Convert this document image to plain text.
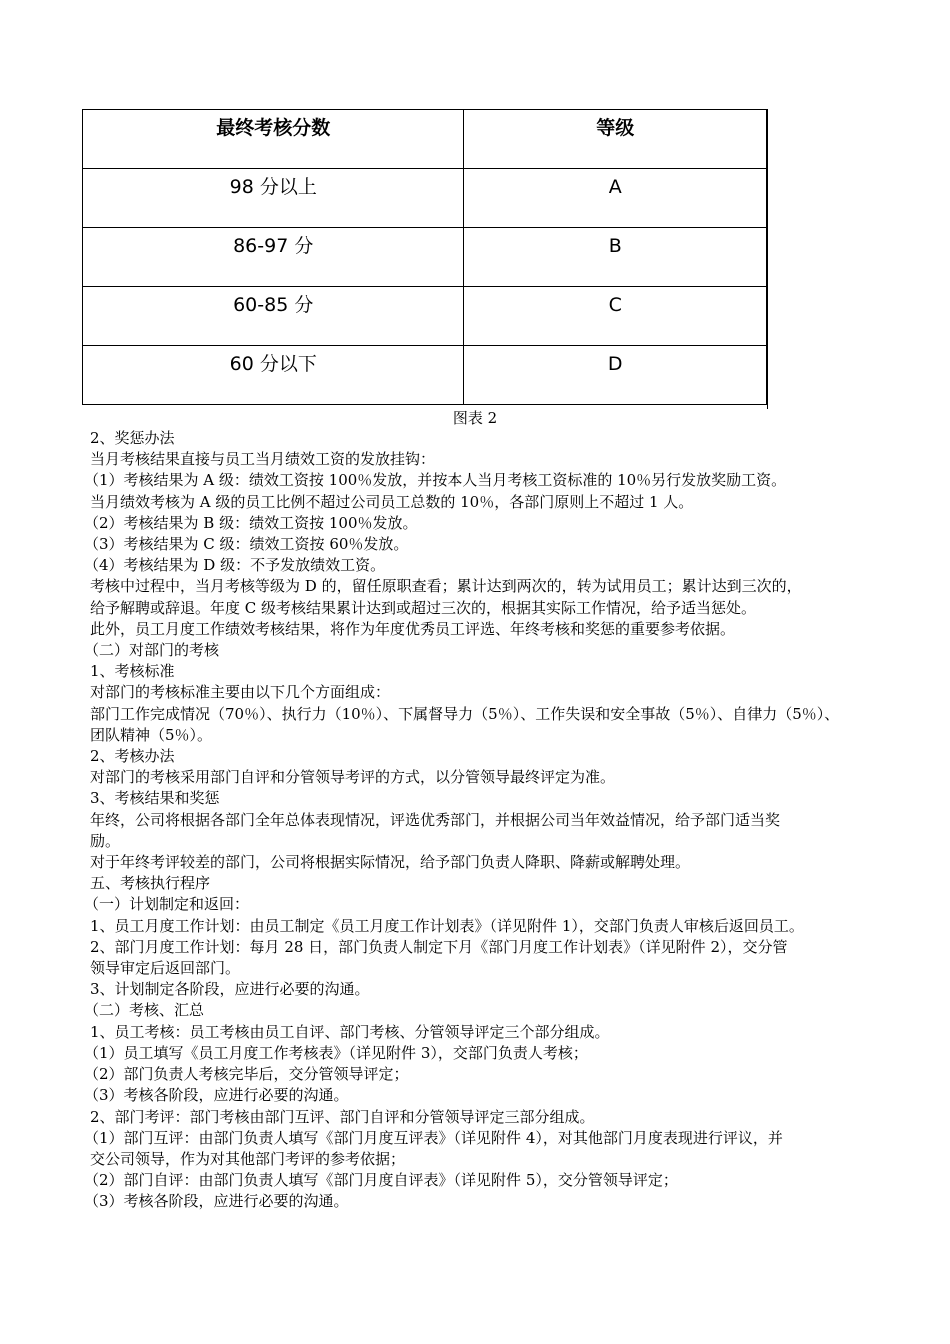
最终考核分数	等级
98 分以上	A
86-97 分	B
60-85 分	C
60 分以下	D
图表 2

2、奖惩办法

当月考核结果直接与员工当月绩效工资的发放挂钩：

（1）考核结果为 A 级：绩效工资按 100％发放，并按本人当月考核工资标准的 10％另行发放奖励工资。

当月绩效考核为 A 级的员工比例不超过公司员工总数的 10％，各部门原则上不超过 1 人。

（2）考核结果为 B 级：绩效工资按 100％发放。

（3）考核结果为 C 级：绩效工资按 60％发放。

（4）考核结果为 D 级：不予发放绩效工资。

考核中过程中，当月考核等级为 D 的，留任原职查看；累计达到两次的，转为试用员工；累计达到三次的，

给予解聘或辞退。年度 C 级考核结果累计达到或超过三次的，根据其实际工作情况，给予适当惩处。

此外，员工月度工作绩效考核结果，将作为年度优秀员工评选、年终考核和奖惩的重要参考依据。

（二）对部门的考核

1、考核标准

对部门的考核标准主要由以下几个方面组成：

部门工作完成情况（70％）、执行力（10％）、下属督导力（5％）、工作失误和安全事故（5％）、自律力（5％）、

团队精神（5％）。

2、考核办法

对部门的考核采用部门自评和分管领导考评的方式，以分管领导最终评定为准。

3、考核结果和奖惩

年终，公司将根据各部门全年总体表现情况，评选优秀部门，并根据公司当年效益情况，给予部门适当奖

励。

对于年终考评较差的部门，公司将根据实际情况，给予部门负责人降职、降薪或解聘处理。

五、考核执行程序

（一）计划制定和返回：

1、员工月度工作计划：由员工制定《员工月度工作计划表》（详见附件 1），交部门负责人审核后返回员工。

2、部门月度工作计划：每月 28 日，部门负责人制定下月《部门月度工作计划表》（详见附件 2），交分管

领导审定后返回部门。

3、计划制定各阶段，应进行必要的沟通。

（二）考核、汇总

1、员工考核：员工考核由员工自评、部门考核、分管领导评定三个部分组成。

（1）员工填写《员工月度工作考核表》（详见附件 3），交部门负责人考核；

（2）部门负责人考核完毕后，交分管领导评定；

（3）考核各阶段，应进行必要的沟通。

2、部门考评：部门考核由部门互评、部门自评和分管领导评定三部分组成。

（1）部门互评：由部门负责人填写《部门月度互评表》（详见附件 4），对其他部门月度表现进行评议，并

交公司领导，作为对其他部门考评的参考依据；

（2）部门自评：由部门负责人填写《部门月度自评表》（详见附件 5），交分管领导评定；

（3）考核各阶段，应进行必要的沟通。
